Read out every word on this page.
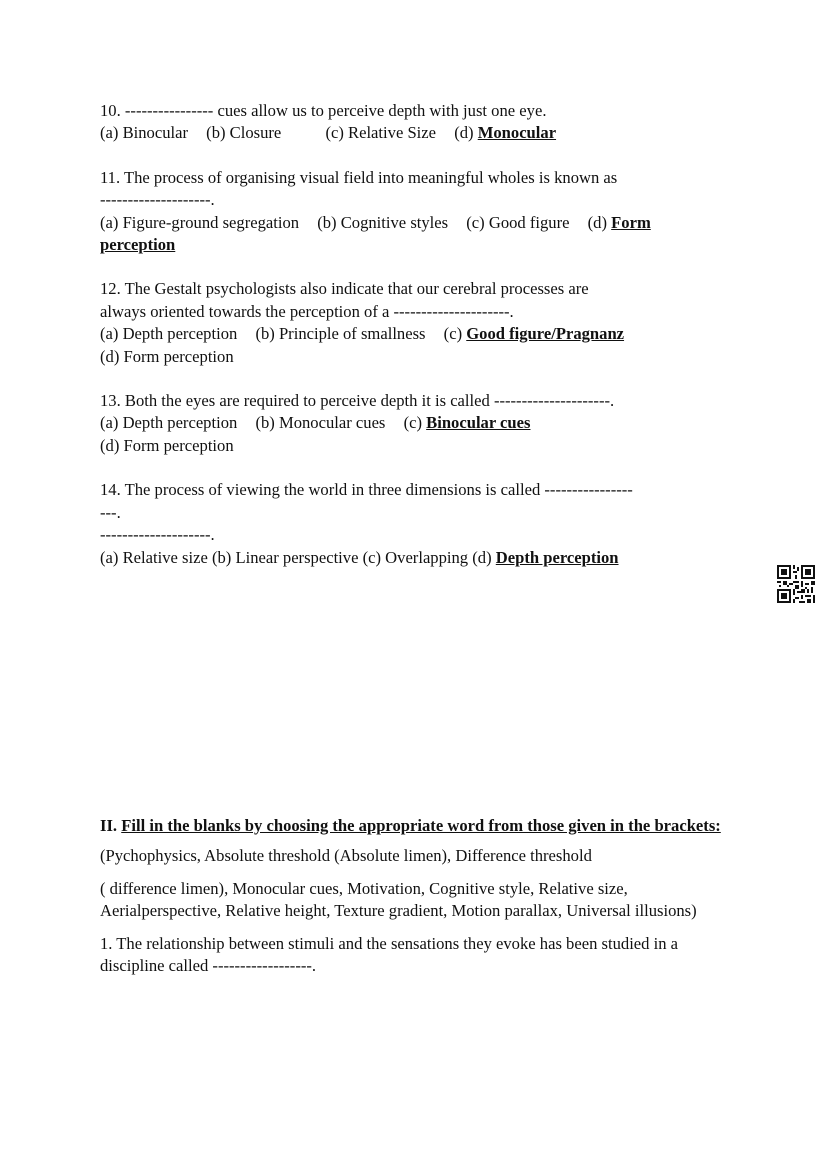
10. ---------------- cues allow us to perceive depth with just one eye.
(a) Binocular (b) Closure	(c) Relative Size (d) Monocular
11. The process of organising visual field into meaningful wholes is known as
--------------------.
(a) Figure-ground segregation (b) Cognitive styles (c) Good figure (d) Form
perception
12. The Gestalt psychologists also indicate that our cerebral processes are
always oriented towards the perception of a ---------------------.
(a) Depth perception (b) Principle of smallness (c) Good figure/Pragnanz
(d) Form perception
13. Both the eyes are required to perceive depth it is called ---------------------.
(a) Depth perception (b) Monocular cues (c) Binocular cues
(d) Form perception
14. The process of viewing the world in three dimensions is called ----------------
---.
--------------------.
(a) Relative size (b) Linear perspective (c) Overlapping (d) Depth perception
II. Fill in the blanks by choosing the appropriate word from those given in the brackets:
(Pychophysics, Absolute threshold (Absolute limen), Difference threshold
( difference limen), Monocular cues, Motivation, Cognitive style, Relative size, Aerialperspective, Relative height, Texture gradient, Motion parallax, Universal illusions)
1. The relationship between stimuli and the sensations they evoke has been studied in a discipline called ------------------.
